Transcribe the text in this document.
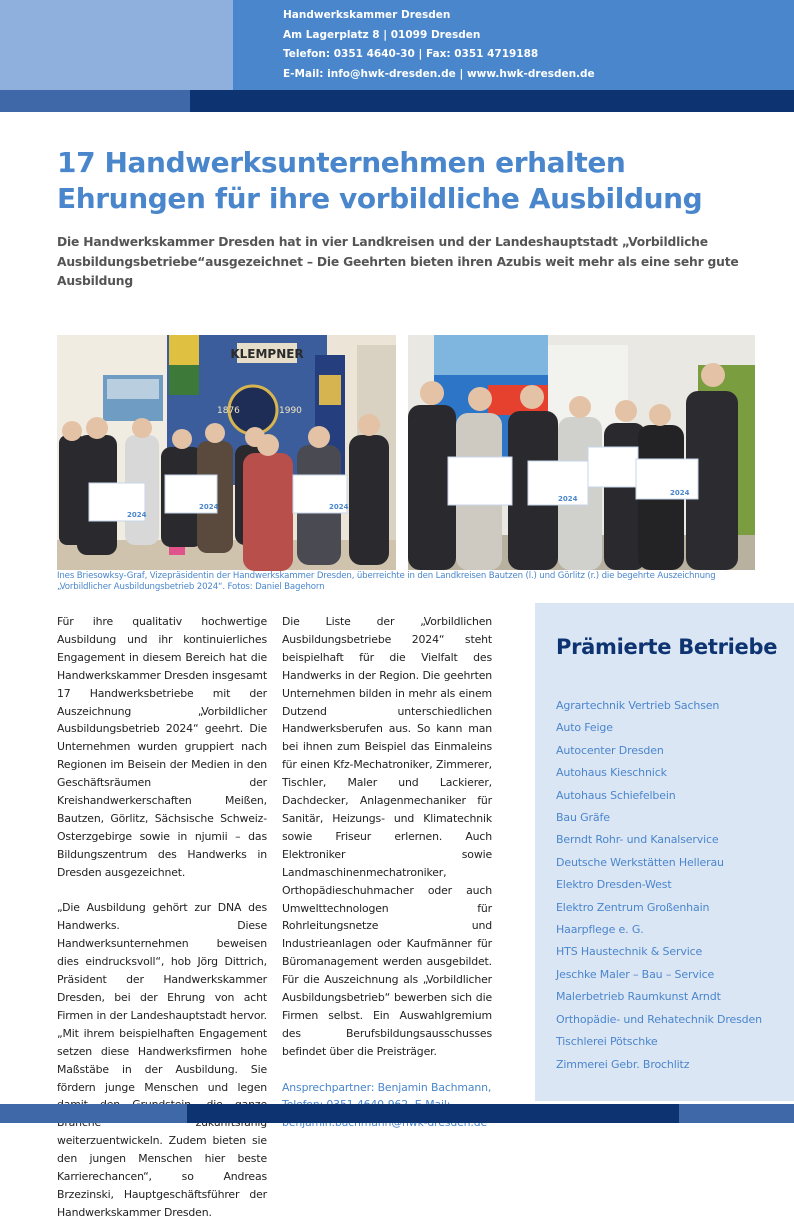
Handwerkskammer Dresden
Am Lagerplatz 8 | 01099 Dresden
Telefon: 0351 4640-30 | Fax: 0351 4719188
E-Mail: info@hwk-dresden.de | www.hwk-dresden.de
17 Handwerksunternehmen erhalten Ehrungen für ihre vorbildliche Ausbildung
Die Handwerkskammer Dresden hat in vier Landkreisen und der Landeshauptstadt „Vorbildliche Ausbildungsbetriebe“ausgezeichnet – Die Geehrten bieten ihren Azubis weit mehr als eine sehr gute Ausbildung
KLEMPNER
1876	1990
2024
2024	2024
2024
2024
Ines Briesowksy-Graf, Vizepräsidentin der Handwerkskammer Dresden, überreichte in den Landkreisen Bautzen (l.) und Görlitz (r.) die begehrte Auszeichnung „Vorbildlicher Ausbildungsbetrieb 2024“. Fotos: Daniel Bagehorn

Für ihre qualitativ hochwertige Ausbildung und ihr kontinuierliches Engagement in diesem Bereich hat die Handwerkskammer Dresden insgesamt 17 Handwerksbetriebe mit der Auszeichnung „Vorbildlicher Ausbildungsbetrieb 2024“ geehrt. Die Unternehmen wurden gruppiert nach Regionen im Beisein der Medien in den Geschäftsräumen der Kreishandwerkerschaften Meißen, Bautzen, Görlitz, Sächsische Schweiz-Osterzgebirge sowie in njumii – das Bildungszentrum des Handwerks in Dresden ausgezeichnet.

„Die Ausbildung gehört zur DNA des Handwerks. Diese Handwerksunternehmen beweisen dies eindrucksvoll“, hob Jörg Dittrich, Präsident der Handwerkskammer Dresden, bei der Ehrung von acht Firmen in der Landeshauptstadt hervor. „Mit ihrem beispielhaften Engagement setzen diese Handwerksfirmen hohe Maßstäbe in der Ausbildung. Sie fördern junge Menschen und legen weiterzuentwickeln. Zudem bieten sie den jungen Menschen hier beste Karrierechancen“, so Andreas Brzezinski, Hauptgeschäftsführer der Handwerkskammer Dresden.

Die Liste der „Vorbildlichen Ausbildungsbetriebe 2024“ steht beispielhaft für die Vielfalt des Handwerks in der Region. Die geehrten Unternehmen bilden in mehr als einem Dutzend unterschiedlichen Handwerksberufen aus. So kann man bei ihnen zum Beispiel das Einmaleins für einen Kfz-Mechatroniker, Zimmerer, Tischler, Maler und Lackierer, Dachdecker, Anlagenmechaniker für Sanitär, Heizungs- und Klimatechnik sowie Friseur erlernen. Auch Elektroniker sowie Landmaschinenmechatroniker, Orthopädieschuhmacher oder auch Umwelttechnologen für Rohrleitungsnetze und Industrieanlagen oder Kaufmänner für Büromanagement werden ausgebildet. Für die Auszeichnung als „Vorbildlicher Ausbildungsbetrieb“ bewerben sich die Firmen selbst. Ein Auswahlgremium des Berufsbildungsausschusses befindet über die Preisträger.

Ansprechpartner: Benjamin Bachmann,

Prämierte Betriebe
Agrartechnik Vertrieb Sachsen
Auto Feige
Autocenter Dresden
Autohaus Kieschnick
Autohaus Schiefelbein
Bau Gräfe
Berndt Rohr- und Kanalservice
Deutsche Werkstätten Hellerau
Elektro Dresden-West
Elektro Zentrum Großenhain
Haarpflege e. G.
HTS Haustechnik & Service
Jeschke Maler – Bau – Service
Malerbetrieb Raumkunst Arndt
Orthopädie- und Rehatechnik Dresden
Tischlerei Pötschke
Zimmerei Gebr. Brochlitz
